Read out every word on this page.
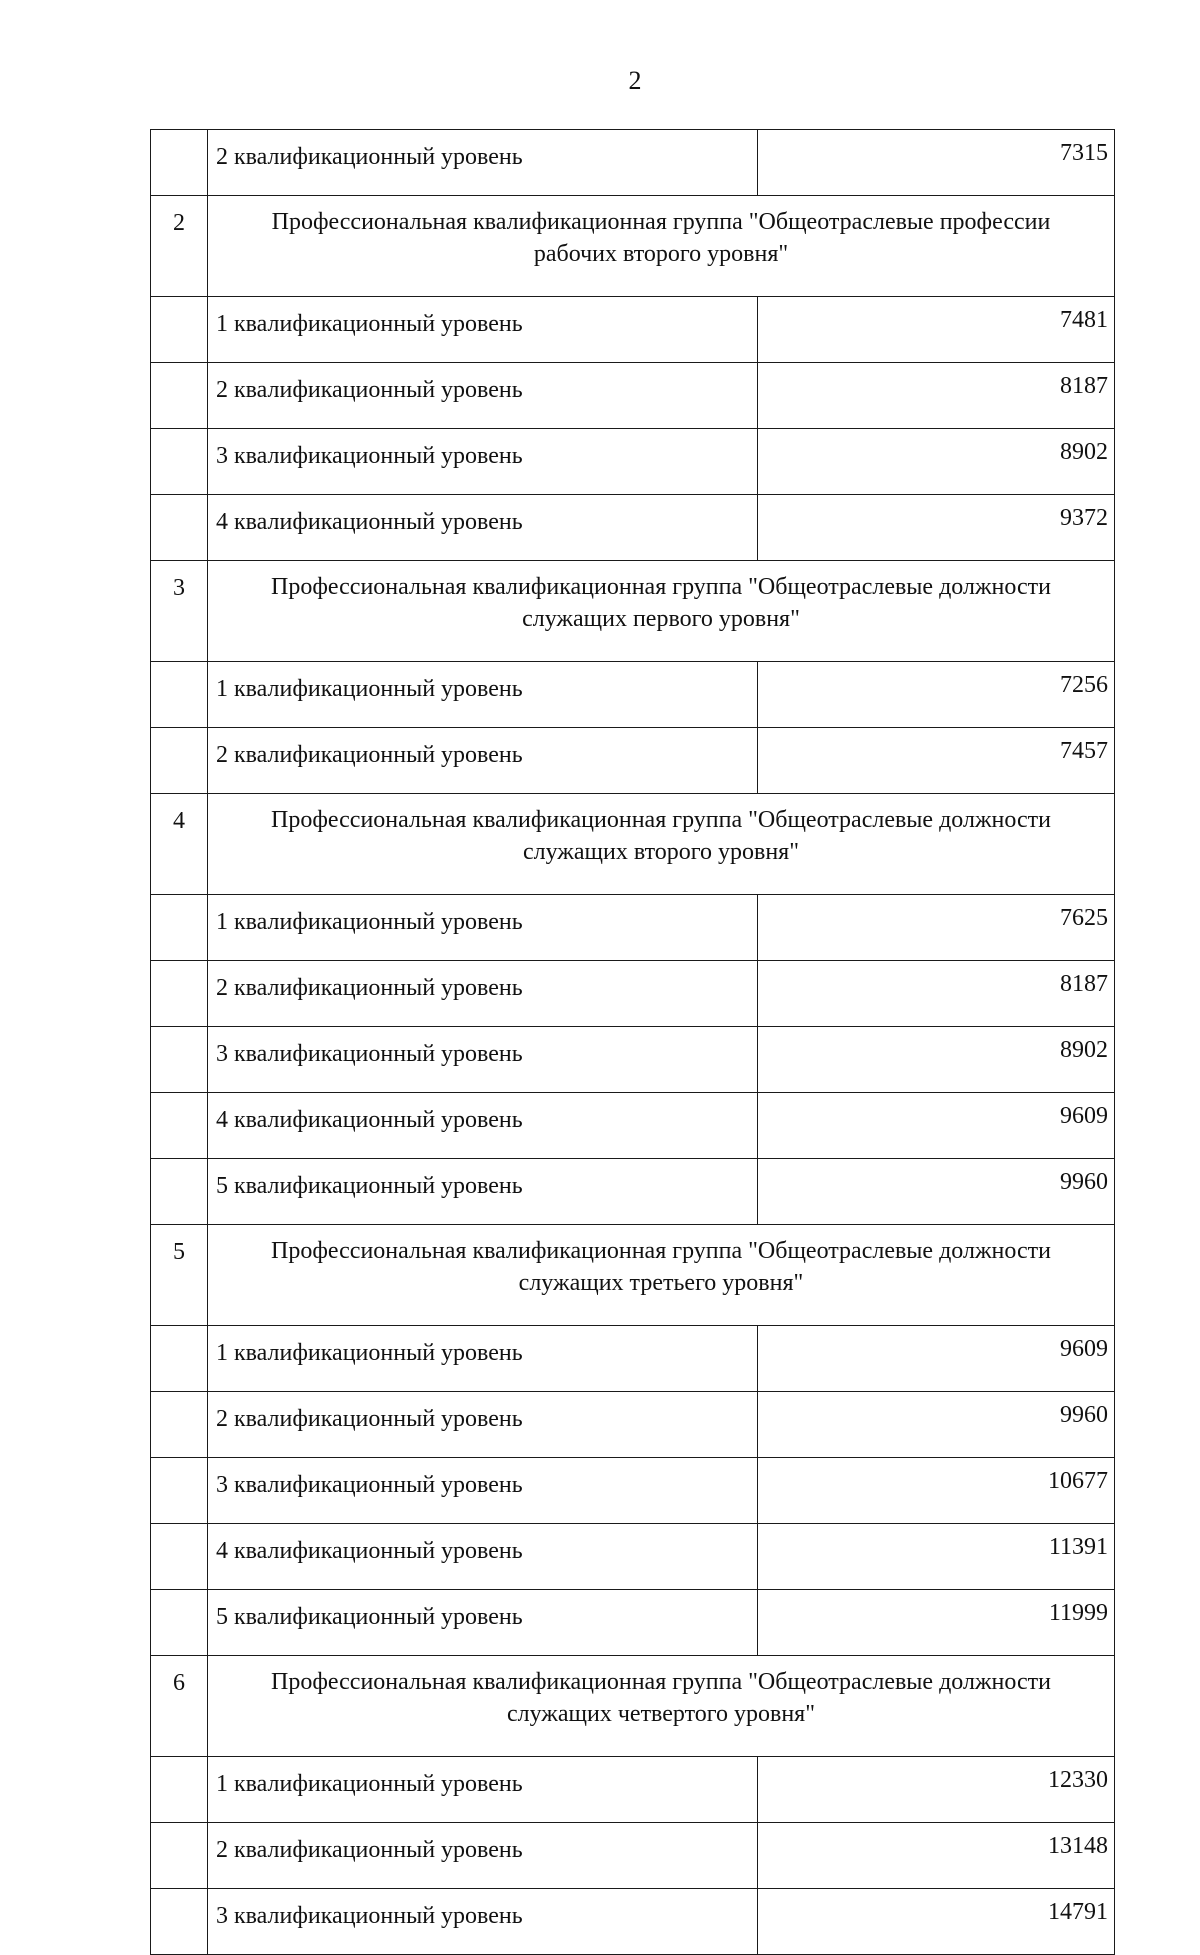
2
	2 квалификационный уровень	7315
2	Профессиональная квалификационная группа "Общеотраслевые профессии рабочих второго уровня"	
	1 квалификационный уровень	7481
	2 квалификационный уровень	8187
	3 квалификационный уровень	8902
	4 квалификационный уровень	9372
3	Профессиональная квалификационная группа "Общеотраслевые должности служащих первого уровня"	
	1 квалификационный уровень	7256
	2 квалификационный уровень	7457
4	Профессиональная квалификационная группа "Общеотраслевые должности служащих второго уровня"	
	1 квалификационный уровень	7625
	2 квалификационный уровень	8187
	3 квалификационный уровень	8902
	4 квалификационный уровень	9609
	5 квалификационный уровень	9960
5	Профессиональная квалификационная группа "Общеотраслевые должности служащих третьего уровня"	
	1 квалификационный уровень	9609
	2 квалификационный уровень	9960
	3 квалификационный уровень	10677
	4 квалификационный уровень	11391
	5 квалификационный уровень	11999
6	Профессиональная квалификационная группа "Общеотраслевые должности служащих четвертого уровня"	
	1 квалификационный уровень	12330
	2 квалификационный уровень	13148
	3 квалификационный уровень	14791
